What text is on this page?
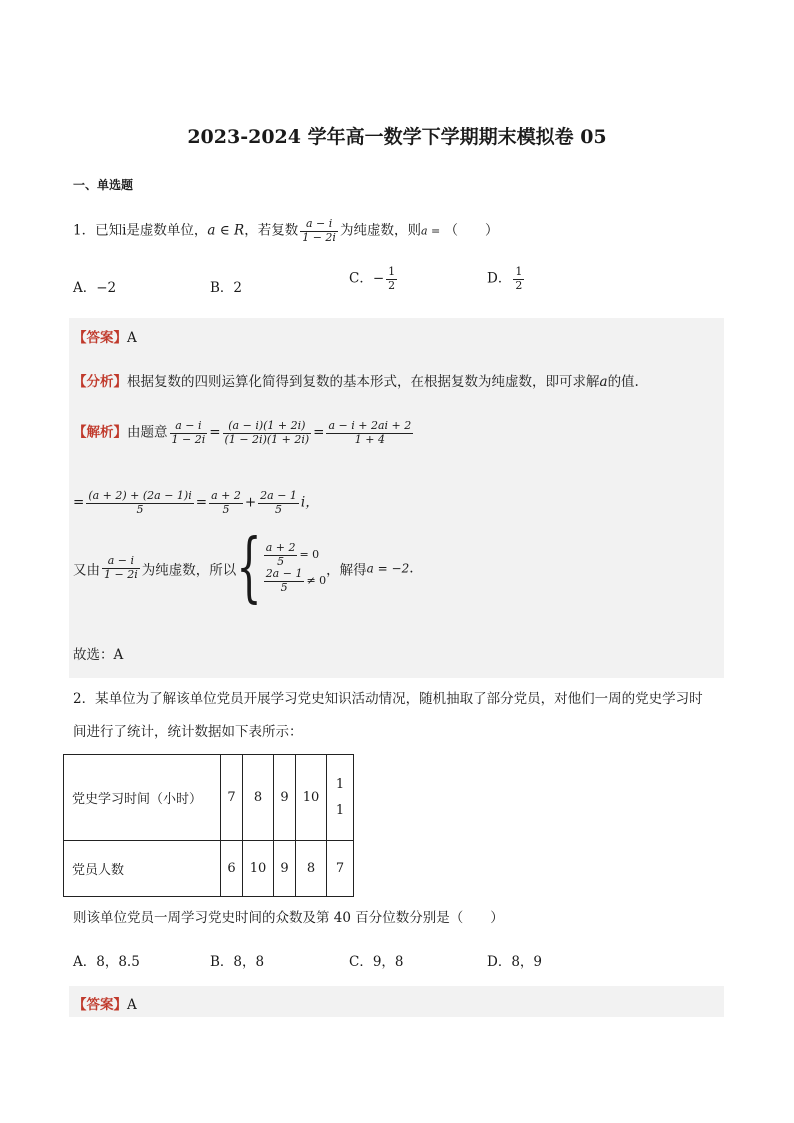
2023-2024 学年高一数学下学期期末模拟卷 05
一、单选题
1．已知i是虚数单位，a ∈ R，若复数 $\frac{a - i}{1 - 2i}$ 为纯虚数，则a = （　　）
A．−2	B．2
C．− $\frac{1}{2}$	D． $\frac{1}{2}$
【答案】A
【分析】根据复数的四则运算化简得到复数的基本形式，在根据复数为纯虚数，即可求解a的值.
【解析】由题意 $\frac{a - i}{1 - 2i} = \frac{(a - i)(1 + 2i)}{(1 - 2i)(1 + 2i)} = \frac{a - i + 2ai + 2}{1 + 4}$
= $\frac{(a + 2) + (2a - 1)i}{5} = \frac{a + 2}{5} + \frac{2a - 1}{5}$ i，
又由 $\frac{a - i}{1 - 2i}$ 为纯虚数，所以{ $\frac{a + 2}{5} = 0$
$\frac{2a - 1}{5} \ne 0$
，解得a = −2.
故选：A
2．某单位为了解该单位党员开展学习党史知识活动情况，随机抽取了部分党员，对他们一周的党史学习时
间进行了统计，统计数据如下表所示：
党史学习时间（小时）	7	8	9	10	1
1
党员人数	6	10	9	8	7
则该单位党员一周学习党史时间的众数及第 40 百分位数分别是（　　）
A．8，8.5	B．8，8	C．9，8	D．8，9
【答案】A
